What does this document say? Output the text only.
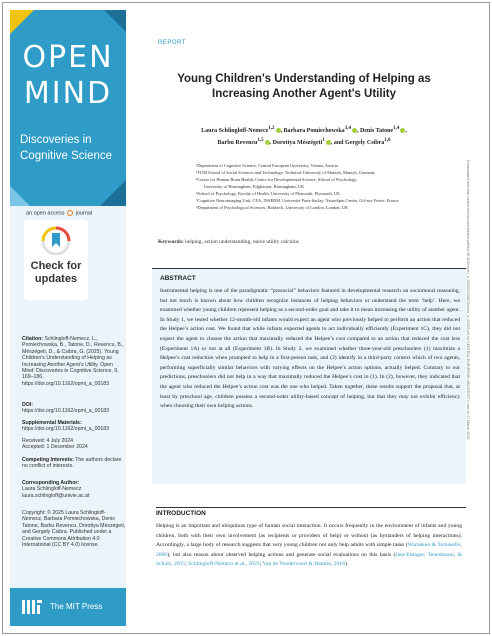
OPEN
MIND
Discoveries in Cognitive Science
an open access journal
Check for updates
Citation: Schlingloff-Nemecz, L., Pomiechowska, B., Tatone, D., Revencu, B., Mészégeti, D., & Csibra, G. (2025). Young Children's Understanding of Helping as Increasing Another Agent's Utility. Open Mind: Discoveries in Cognitive Science, 9, 169–186. https://doi.org/10.1162/opmi_a_00183
DOI:
https://doi.org/10.1162/opmi_a_00183
Supplemental Materials:
https://doi.org/10.1162/opmi_a_00183
Received: 4 July 2024
Accepted: 1 December 2024
Competing Interests: The authors declare no conflict of interests.
Corresponding Author:
Laura Schlingloff-Nemecz
laura.schlingloff@univie.ac.at
Copyright: © 2025 Laura Schlingloff-Nemecz, Barbara Pomiechowska, Denis Tatone, Barbu Revencu, Dorottya Mészégeti, and Gergely Csibra. Published under a Creative Commons Attribution 4.0 International (CC BY 4.0) license.
The MIT Press
REPORT
Young Children's Understanding of Helping as Increasing Another Agent's Utility
Laura Schlingloff-Nemecz$^{1,2}$ , Barbara Pomiechowska$^{3,4}$ , Denis Tatone$^{1,4}$ ,
Barbu Revencu$^{1,5}$ , Dorottya Mészégeti$^1$ , and Gergely Csibra$^{1,6}$
¹Department of Cognitive Science, Central European University, Vienna, Austria
²TUM School of Social Sciences and Technology, Technical University of Munich, Munich, Germany
³Centre for Human Brain Health, Centre for Developmental Science, School of Psychology,
University of Birmingham, Edgbaston, Birmingham, UK
⁴School of Psychology, Faculty of Health, University of Plymouth, Plymouth, UK
⁵Cognitive Neuroimaging Unit, CEA, INSERM, Université Paris-Saclay, NeuroSpin Center, Gif-sur-Yvette, France
⁶Department of Psychological Sciences, Birkbeck, University of London, London, UK
Keywords: helping, action understanding, naive utility calculus
ABSTRACT
Instrumental helping is one of the paradigmatic “prosocial” behaviors featured in developmental research on sociomoral reasoning, but not much is known about how children recognize instances of helping behaviors or understand the term ‘help’. Here, we examined whether young children represent helping as a second-order goal and take it to mean increasing the utility of another agent. In Study 1, we tested whether 12-month-old infants would expect an agent who previously helped to perform an action that reduced the Helpee’s action cost. We found that while infants expected agents to act individually efficiently (Experiment 1C), they did not expect the agent to choose the action that maximally reduced the Helpee’s cost compared to an action that reduced the cost less (Experiment 1A) or not at all (Experiment 1B). In Study 2, we examined whether three-year-old preschoolers (1) maximize a Helpee’s cost reduction when prompted to help in a first-person task, and (2) identify in a third-party context which of two agents, performing superficially similar behaviors with varying effects on the Helpee’s action options, actually helped. Contrary to our predictions, preschoolers did not help in a way that maximally reduced the Helpee’s cost in (1). In (2), however, they indicated that the agent who reduced the Helpee’s action cost was the one who helped. Taken together, these results support the proposal that, at least by preschool age, children possess a second-order utility-based concept of helping, but that they may not exhibit efficiency when choosing their own helping actions.
INTRODUCTION
Helping is an important and ubiquitous type of human social interaction. It occurs frequently in the environment of infants and young children, both with their own involvement (as recipients or providers of help) or without (as bystanders of helping interactions). Accordingly, a large body of research suggests that very young children not only help adults with simple tasks (Warneken & Tomasello, 2006), but also reason about observed helping actions and generate social evaluations on this basis (Jara-Ettinger, Tenenbaum, & Schulz, 2015; Schlingloff-Nemecz et al., 2023; Van de Vondervoort & Hamlin, 2016).
Downloaded from http://direct.mit.edu/opmi/article-pdf/doi/10.1162/opmi_a_00183/2498133/opmi_a_00183.pdf by CENTRAL EUROPEAN UNIVERSITY user on 27 March 2025
